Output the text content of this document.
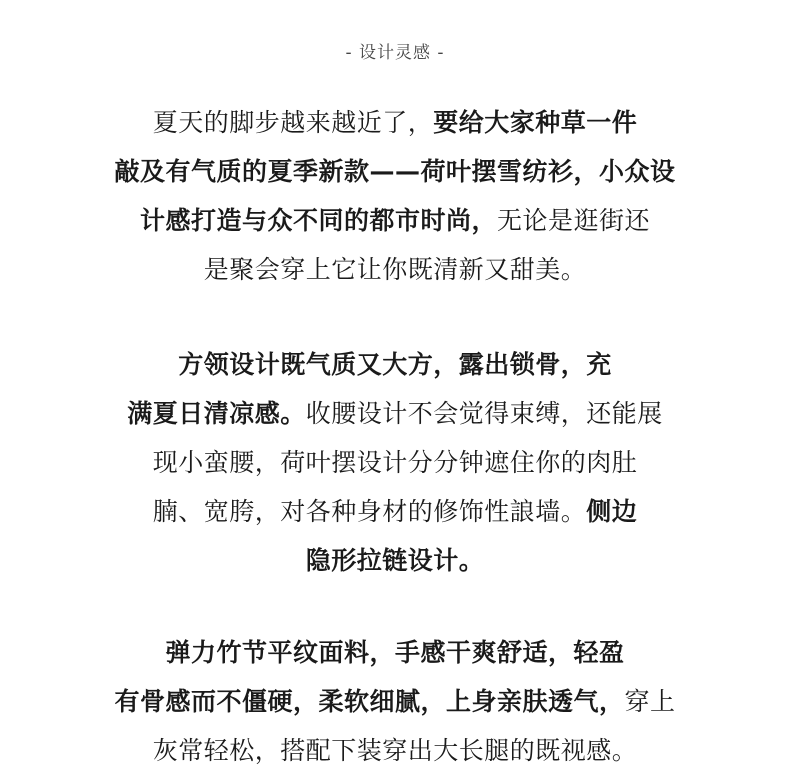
- 设计灵感 -
夏天的脚步越来越近了，要给大家种草一件
敲及有气质的夏季新款——荷叶摆雪纺衫，小众设
计感打造与众不同的都市时尚，无论是逛街还
是聚会穿上它让你既清新又甜美。
方领设计既气质又大方，露出锁骨，充
满夏日清凉感。收腰设计不会觉得束缚，还能展
现小蛮腰，荷叶摆设计分分钟遮住你的肉肚
腩、宽胯，对各种身材的修饰性誏墙。侧边
隐形拉链设计。
弹力竹节平纹面料，手感干爽舒适，轻盈
有骨感而不僵硬，柔软细腻，上身亲肤透气，穿上
灰常轻松，搭配下装穿出大长腿的既视感。
